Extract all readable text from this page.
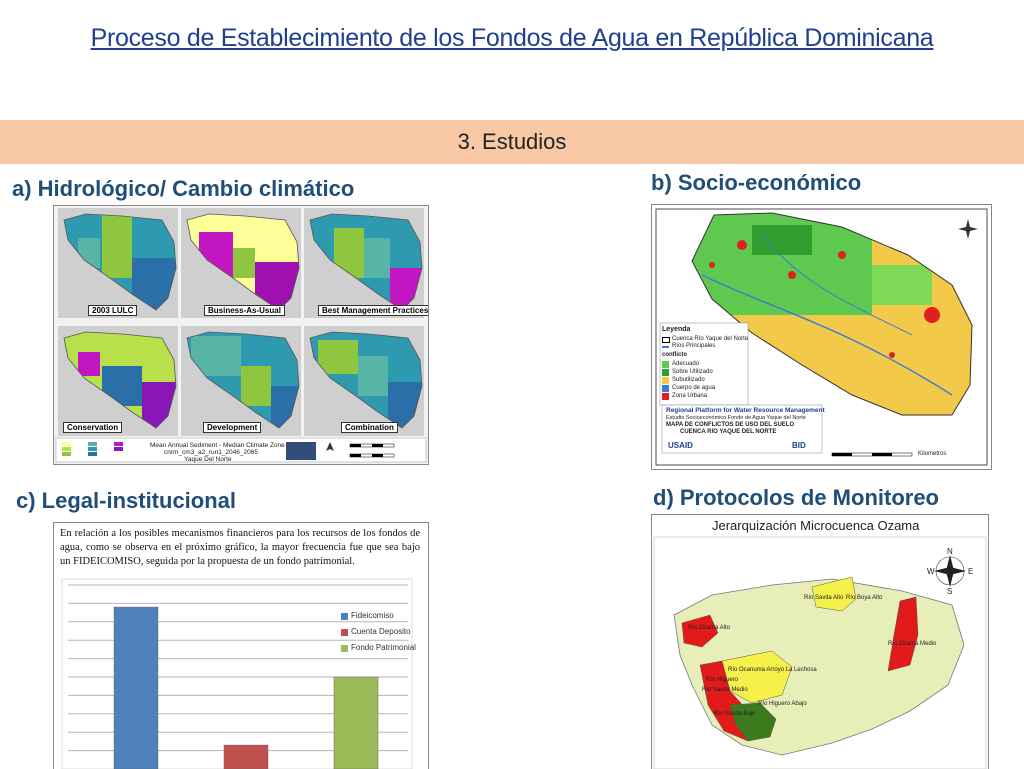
Proceso de Establecimiento de los Fondos de Agua en República Dominicana
3. Estudios
a) Hidrológico/ Cambio climático	b) Socio-económico
c) Legal-institucional	d) Protocolos de Monitoreo
2003 LULC	Business-As-Usual	Best Management Practices
Conservation	Development	Combination
Mean Annual Sediment - Median Climate Zone
cnrm_cm3_a2_run1_2046_2065
Yaque Del Norte
Leyenda
Cuenca Río Yaque del Norte
Ríos Principales
conflicto
Adecuado
Sobre Utilizado
Subutilizado
Cuerpo de agua
Zona Urbana
Regional Platform for Water Resource Management
Estudio Socioeconómico Fondo de Agua Yaque del Norte
MAPA DE CONFLICTOS DE USO DEL SUELO
CUENCA RIO YAQUE DEL NORTE
USAID	BID
Kilometros
En relación a los posibles mecanismos financieros para los recursos de los fondos de agua, como se observa en el próximo gráfico, la mayor frecuencia fue que sea bajo un FIDEICOMISO, seguida por la propuesta de un fondo patrimonial.
Fideicomiso
Cuenta Deposito
Fondo Patrimonial
Jerarquización Microcuenca Ozama
N
S
E
W
Río Savita Alto Río Boya Alto
Río Ocanuma Arroyo La Lechosa
Río Higuero
Río Savita Medio
Río Savita Bajo
Río Higuero Abajo
Río Ozama Alto
Río Ozama Medio
